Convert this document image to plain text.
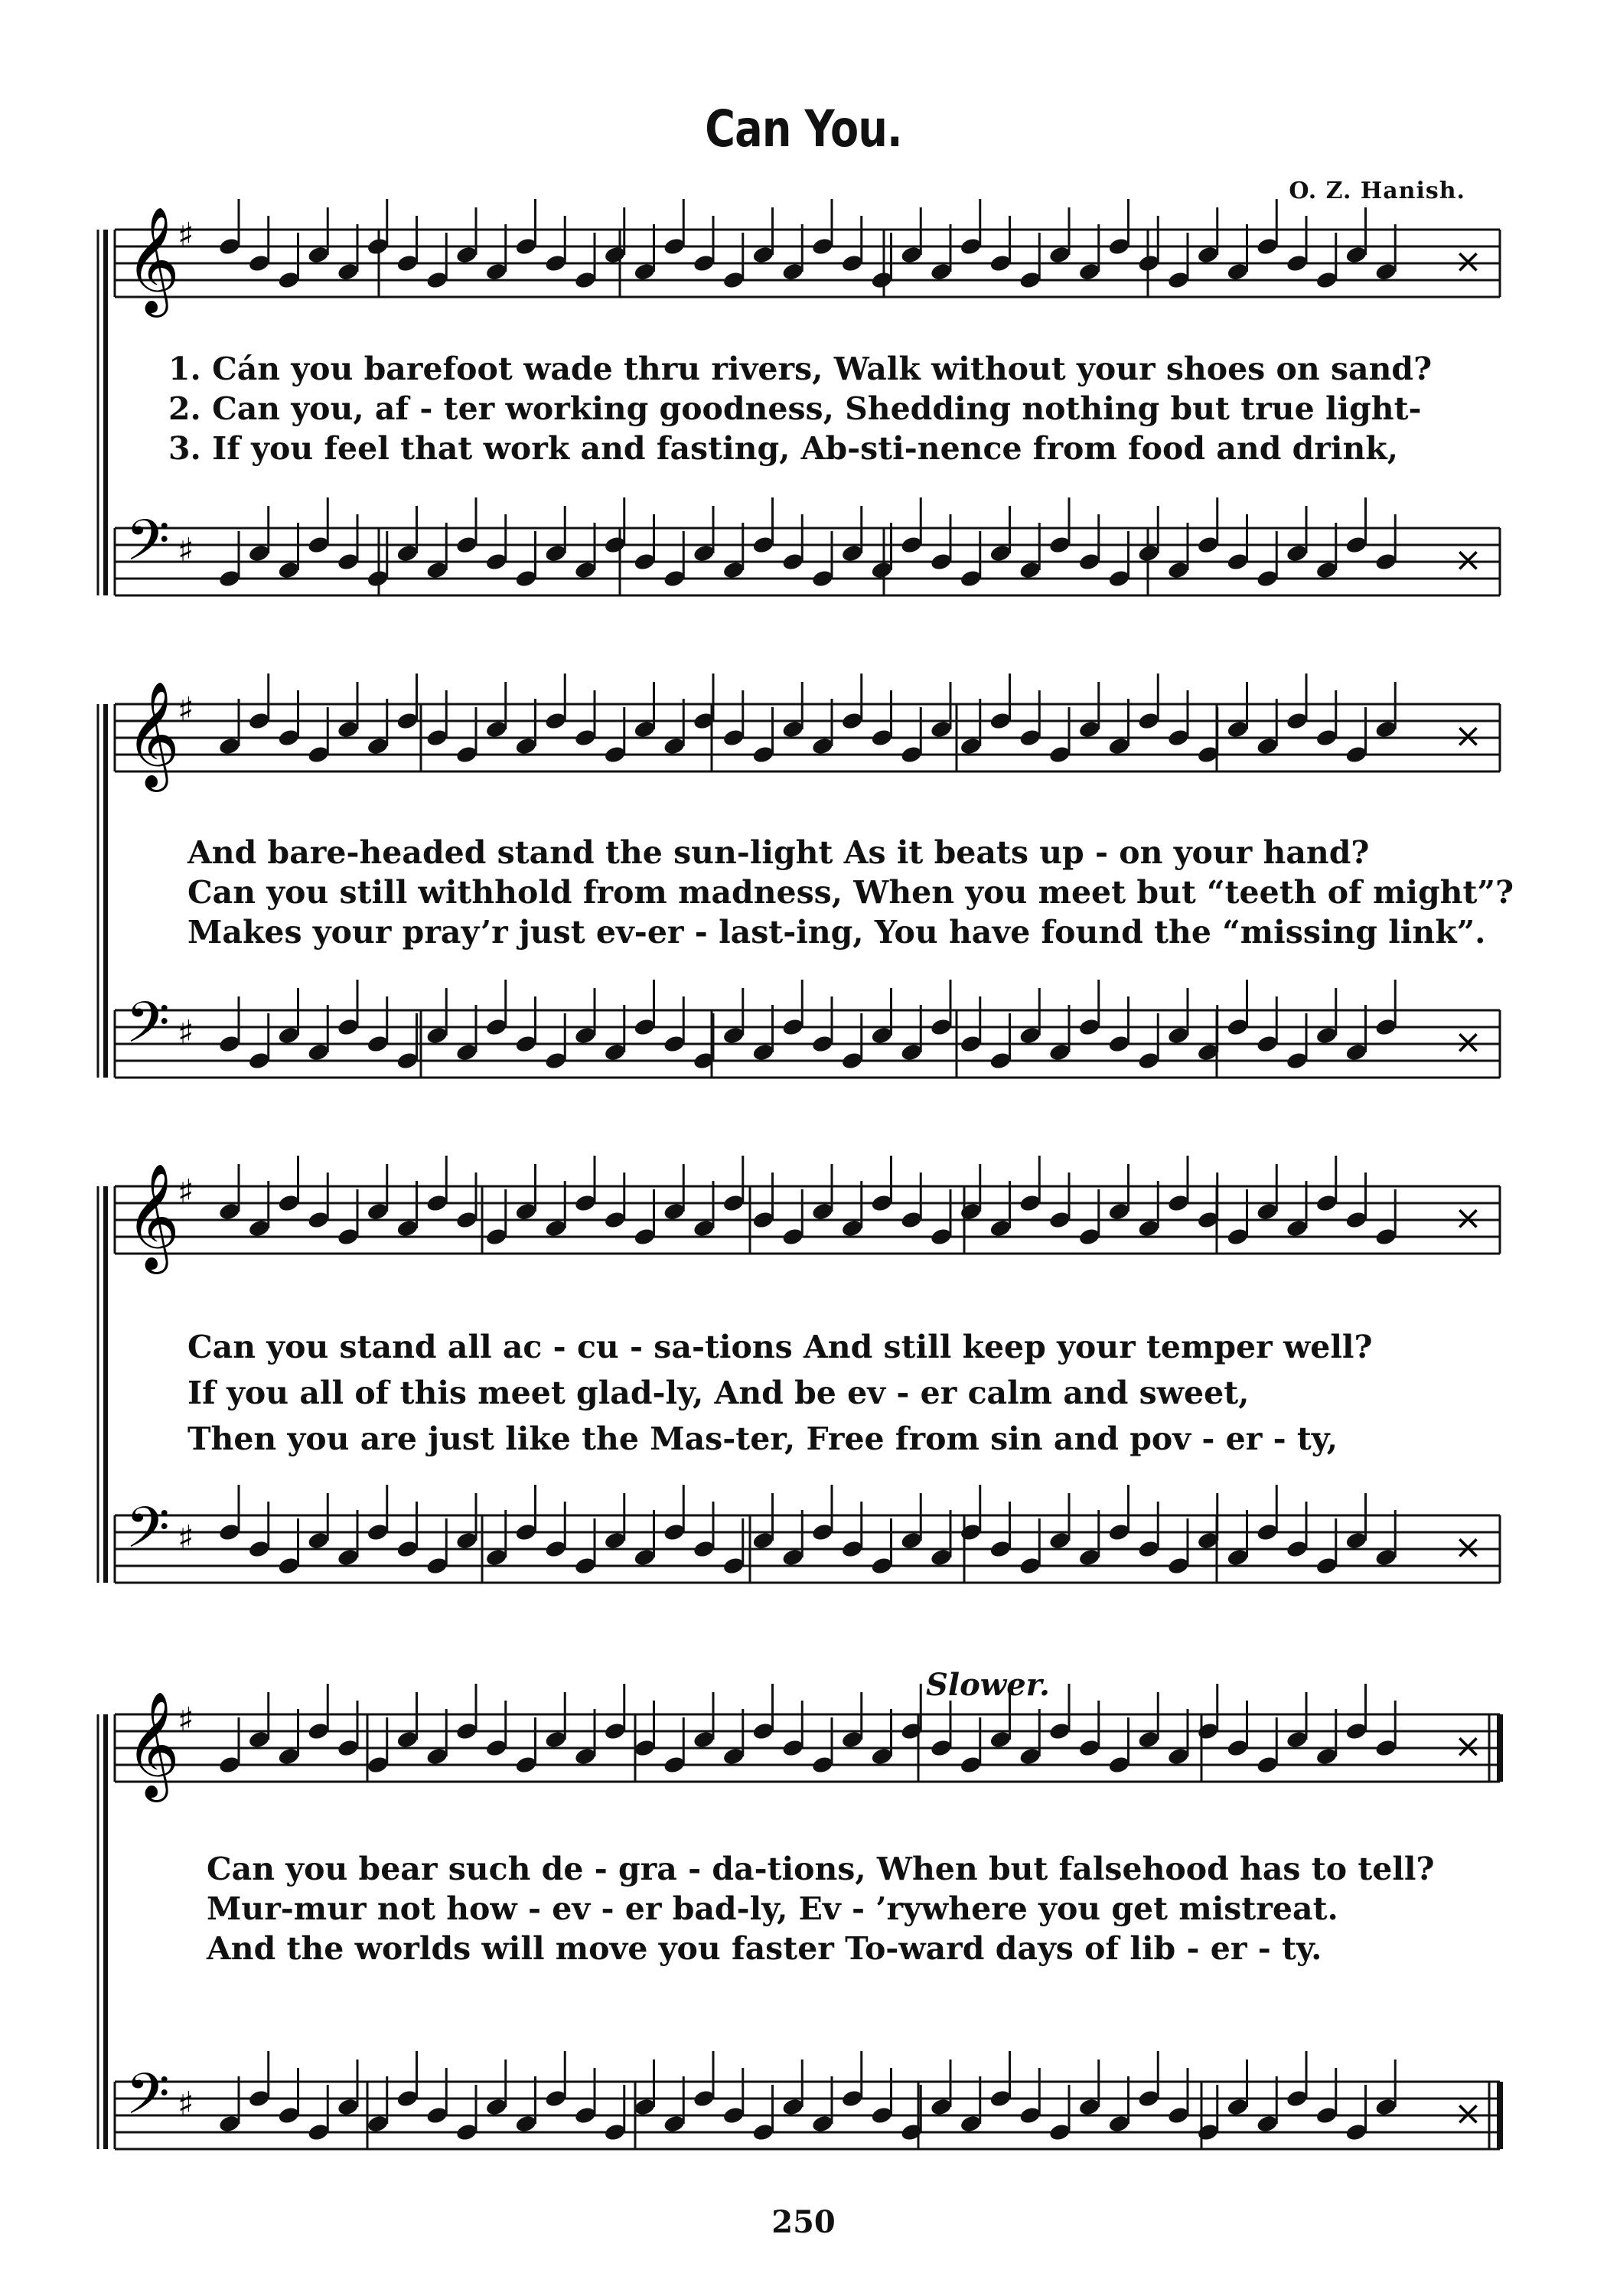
Can You.
O. Z. Hanish.
𝄞
♯
×
𝄢 ♯	×
1. Cán you barefoot wade thru rivers, Walk without your shoes on sand?
2. Can you, af - ter working goodness, Shedding nothing but true light-
3. If you feel that work and fasting, Ab-sti-nence from food and drink,
𝄞
♯
×
𝄢 ♯	×
And bare-headed stand the sun-light As it beats up - on your hand?
Can you still withhold from madness, When you meet but “teeth of might”?
Makes your pray’r just ev-er - last-ing, You have found the “missing link”.
𝄞
♯
×
𝄢 ♯	×
Can you stand all ac - cu - sa-tions And still keep your temper well?
If you all of this meet glad-ly, And be ev - er calm and sweet,
Then you are just like the Mas-ter, Free from sin and pov - er - ty,
Slower.
𝄞
♯
×
𝄢 ♯	×
Can you bear such de - gra - da-tions, When but falsehood has to tell?
Mur-mur not how - ev - er bad-ly, Ev - ’rywhere you get mistreat.
And the worlds will move you faster To-ward days of lib - er - ty.
250
